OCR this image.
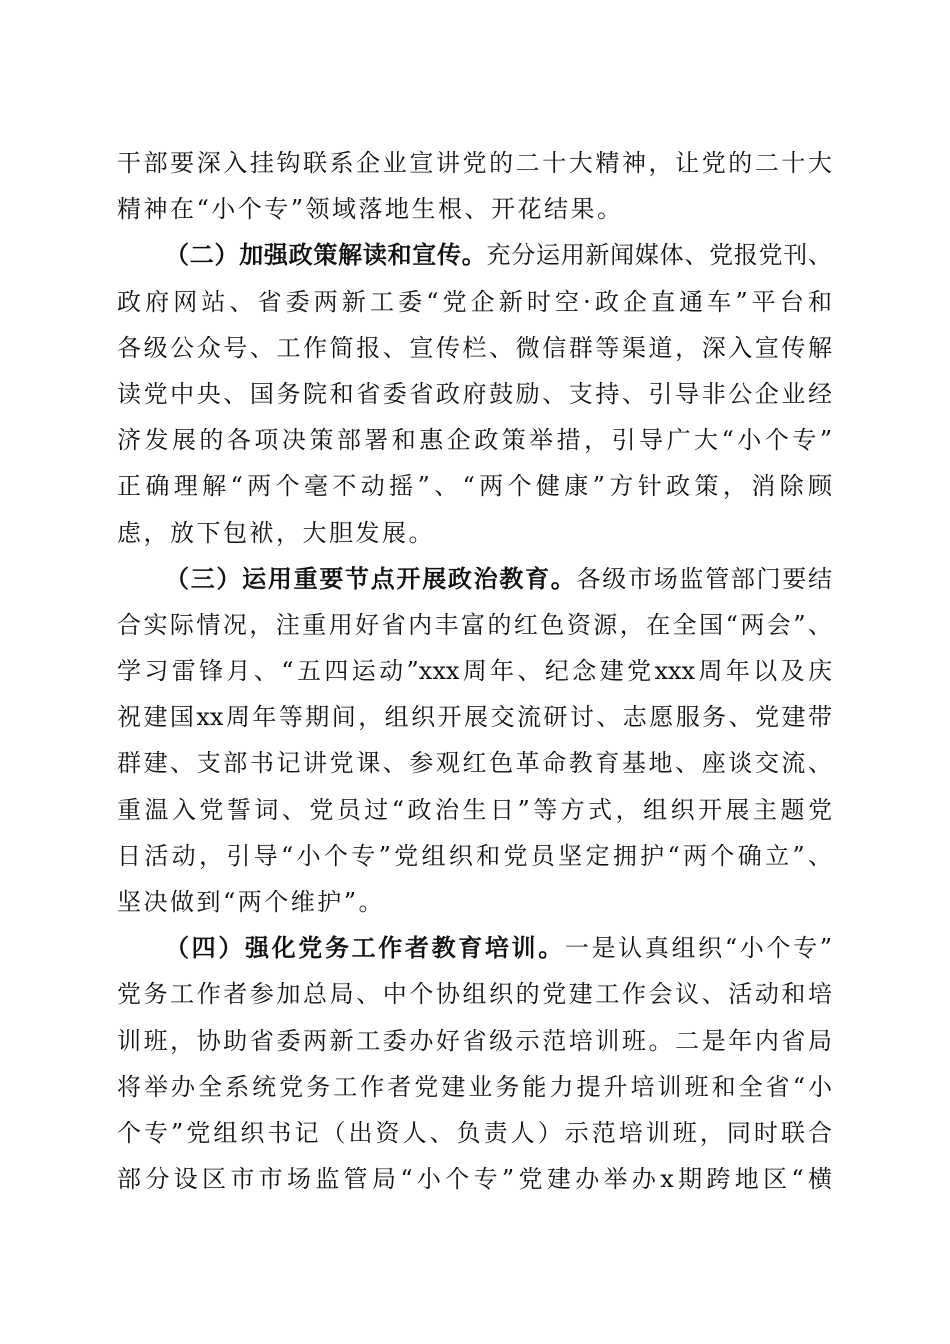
干部要深入挂钩联系企业宣讲党的二十大精神，让党的二十大
精神在“小个专”领域落地生根、开花结果。
（二）加强政策解读和宣传。充分运用新闻媒体、党报党刊、
政府网站、省委两新工委“党企新时空·政企直通车”平台和
各级公众号、工作简报、宣传栏、微信群等渠道，深入宣传解
读党中央、国务院和省委省政府鼓励、支持、引导非公企业经
济发展的各项决策部署和惠企政策举措，引导广大“小个专”
正确理解“两个毫不动摇”、“两个健康”方针政策，消除顾
虑，放下包袱，大胆发展。
（三）运用重要节点开展政治教育。各级市场监管部门要结
合实际情况，注重用好省内丰富的红色资源，在全国“两会”、
学习雷锋月、“五四运动”xxx周年、纪念建党xxx周年以及庆
祝建国xx周年等期间，组织开展交流研讨、志愿服务、党建带
群建、支部书记讲党课、参观红色革命教育基地、座谈交流、
重温入党誓词、党员过“政治生日”等方式，组织开展主题党
日活动，引导“小个专”党组织和党员坚定拥护“两个确立”、
坚决做到“两个维护”。
（四）强化党务工作者教育培训。一是认真组织“小个专”
党务工作者参加总局、中个协组织的党建工作会议、活动和培
训班，协助省委两新工委办好省级示范培训班。二是年内省局
将举办全系统党务工作者党建业务能力提升培训班和全省“小
个专”党组织书记（出资人、负责人）示范培训班，同时联合
部分设区市市场监管局“小个专”党建办举办x期跨地区“横
